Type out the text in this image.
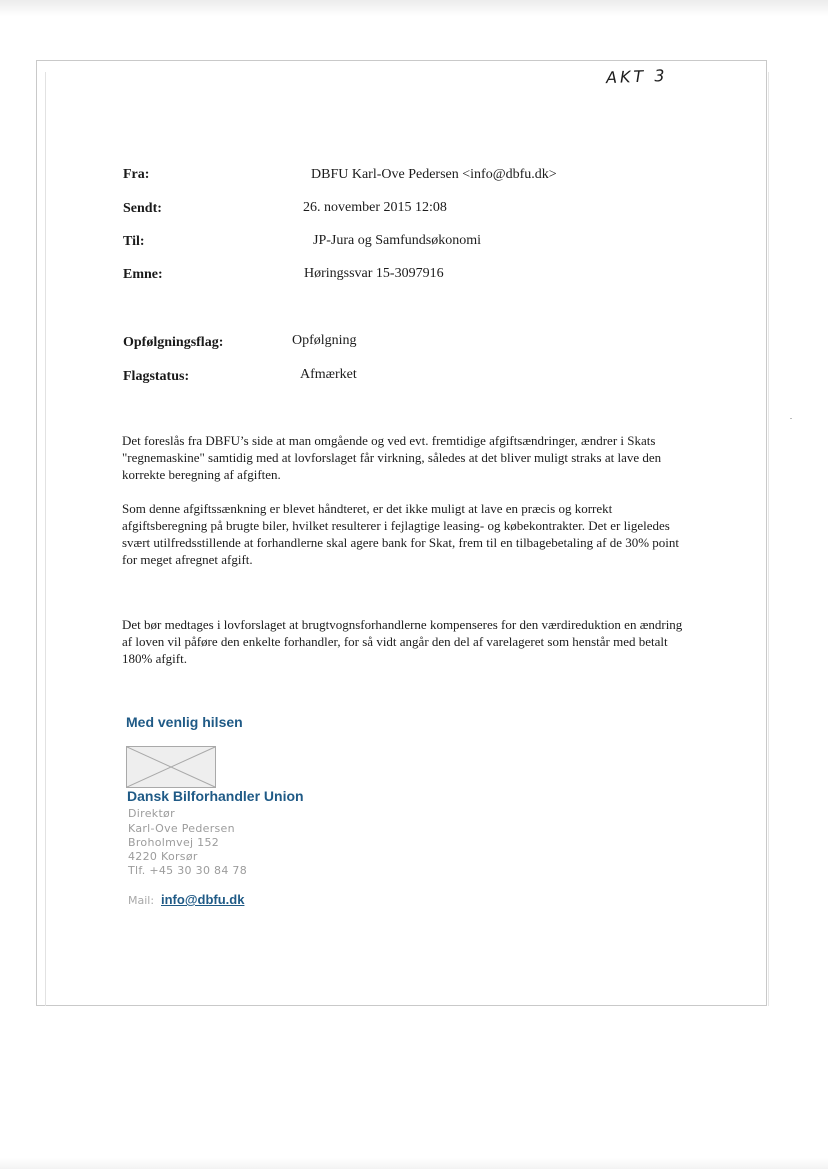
AKT 3
Fra:	DBFU Karl-Ove Pedersen <info@dbfu.dk>
Sendt:	26. november 2015 12:08
Til:	JP-Jura og Samfundsøkonomi
Emne:	Høringssvar 15-3097916
Opfølgningsflag:	Opfølgning
Flagstatus:	Afmærket
Det foreslås fra DBFU’s side at man omgående og ved evt. fremtidige afgiftsændringer, ændrer i Skats "regnemaskine" samtidig med at lovforslaget får virkning, således at det bliver muligt straks at lave den korrekte beregning af afgiften.
Som denne afgiftssænkning er blevet håndteret, er det ikke muligt at lave en præcis og korrekt afgiftsberegning på brugte biler, hvilket resulterer i fejlagtige leasing- og købekontrakter. Det er ligeledes svært utilfredsstillende at forhandlerne skal agere bank for Skat, frem til en tilbagebetaling af de 30% point for meget afregnet afgift.
Det bør medtages i lovforslaget at brugtvognsforhandlerne kompenseres for den værdireduktion en ændring af loven vil påføre den enkelte forhandler, for så vidt angår den del af varelageret som henstår med betalt 180% afgift.
Med venlig hilsen
Dansk Bilforhandler Union
Direktør
Karl-Ove Pedersen
Broholmvej 152
4220 Korsør
Tlf. +45 30 30 84 78
Mail: info@dbfu.dk
